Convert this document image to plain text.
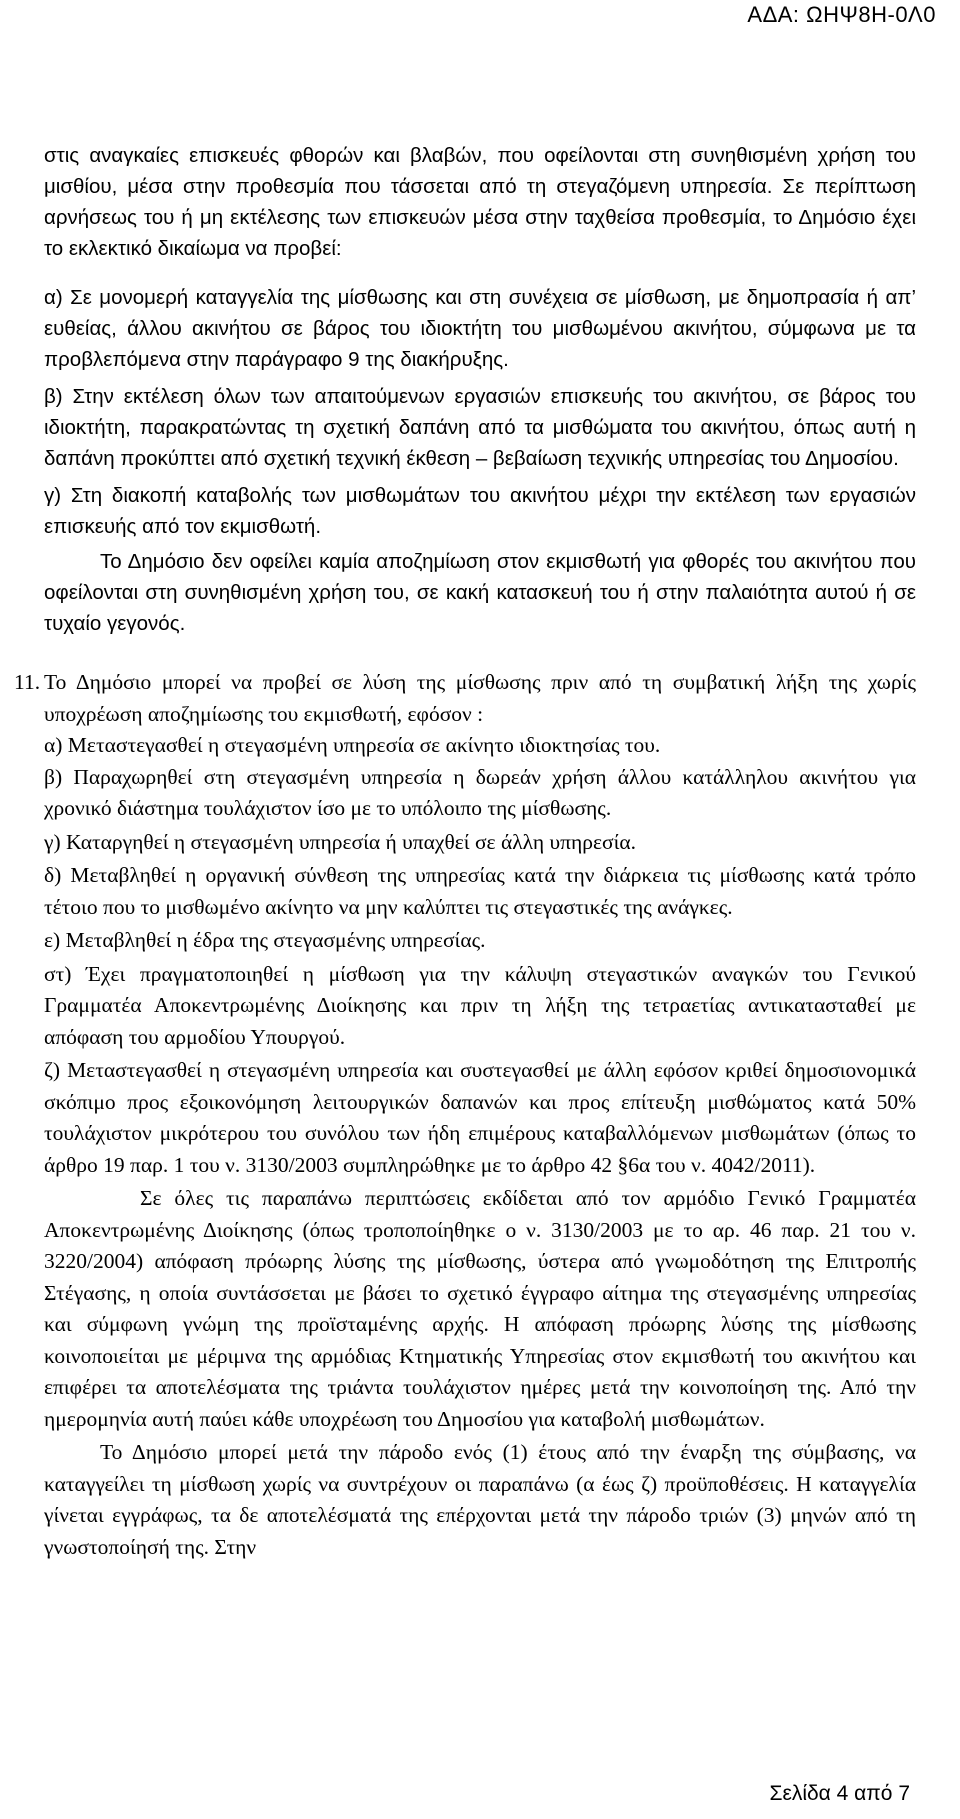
ΑΔΑ: ΩΗΨ8Η-0Λ0

στις αναγκαίες επισκευές φθορών και βλαβών, που οφείλονται στη συνηθισμένη χρήση του μισθίου, μέσα στην προθεσμία που τάσσεται από τη στεγαζόμενη υπηρεσία. Σε περίπτωση αρνήσεως του ή μη εκτέλεσης των επισκευών μέσα στην ταχθείσα προθεσμία, το Δημόσιο έχει το εκλεκτικό δικαίωμα να προβεί:

α) Σε μονομερή καταγγελία της μίσθωσης και στη συνέχεια σε μίσθωση, με δημοπρασία ή απ’ ευθείας, άλλου ακινήτου σε βάρος του ιδιοκτήτη του μισθωμένου ακινήτου, σύμφωνα με τα προβλεπόμενα στην παράγραφο 9 της διακήρυξης.

β) Στην εκτέλεση όλων των απαιτούμενων εργασιών επισκευής του ακινήτου, σε βάρος του ιδιοκτήτη, παρακρατώντας τη σχετική δαπάνη από τα μισθώματα του ακινήτου, όπως αυτή η δαπάνη προκύπτει από σχετική τεχνική έκθεση – βεβαίωση τεχνικής υπηρεσίας του Δημοσίου.

γ) Στη διακοπή καταβολής των μισθωμάτων του ακινήτου μέχρι την εκτέλεση των εργασιών επισκευής από τον εκμισθωτή.

Το Δημόσιο δεν οφείλει καμία αποζημίωση στον εκμισθωτή για φθορές του ακινήτου που οφείλονται στη συνηθισμένη χρήση του, σε κακή κατασκευή του ή στην παλαιότητα αυτού ή σε τυχαίο γεγονός.

11. Το Δημόσιο μπορεί να προβεί σε λύση της μίσθωσης πριν από τη συμβατική λήξη της χωρίς υποχρέωση αποζημίωσης του εκμισθωτή, εφόσον :

α) Μεταστεγασθεί η στεγασμένη υπηρεσία σε ακίνητο ιδιοκτησίας του.

β) Παραχωρηθεί στη στεγασμένη υπηρεσία η δωρεάν χρήση άλλου κατάλληλου ακινήτου για χρονικό διάστημα τουλάχιστον ίσο με το υπόλοιπο της μίσθωσης.

γ) Καταργηθεί η στεγασμένη υπηρεσία ή υπαχθεί σε άλλη υπηρεσία.

δ) Μεταβληθεί η οργανική σύνθεση της υπηρεσίας κατά την διάρκεια τις μίσθωσης κατά τρόπο τέτοιο που το μισθωμένο ακίνητο να μην καλύπτει τις στεγαστικές της ανάγκες.

ε) Μεταβληθεί η έδρα της στεγασμένης υπηρεσίας.

στ) Έχει πραγματοποιηθεί η μίσθωση για την κάλυψη στεγαστικών αναγκών του Γενικού Γραμματέα Αποκεντρωμένης Διοίκησης και πριν τη λήξη της τετραετίας αντικατασταθεί με απόφαση του αρμοδίου Υπουργού.

ζ) Μεταστεγασθεί η στεγασμένη υπηρεσία και συστεγασθεί με άλλη εφόσον κριθεί δημοσιονομικά σκόπιμο προς εξοικονόμηση λειτουργικών δαπανών και προς επίτευξη μισθώματος κατά 50% τουλάχιστον μικρότερου του συνόλου των ήδη επιμέρους καταβαλλόμενων μισθωμάτων (όπως το άρθρο 19 παρ. 1 του ν. 3130/2003 συμπληρώθηκε με το άρθρο 42 §6α του ν. 4042/2011).

Σε όλες τις παραπάνω περιπτώσεις εκδίδεται από τον αρμόδιο Γενικό Γραμματέα Αποκεντρωμένης Διοίκησης (όπως τροποποίηθηκε ο ν. 3130/2003 με το αρ. 46 παρ. 21 του ν. 3220/2004) απόφαση πρόωρης λύσης της μίσθωσης, ύστερα από γνωμοδότηση της Επιτροπής Στέγασης, η οποία συντάσσεται με βάσει το σχετικό έγγραφο αίτημα της στεγασμένης υπηρεσίας και σύμφωνη γνώμη της προϊσταμένης αρχής. Η απόφαση πρόωρης λύσης της μίσθωσης κοινοποιείται με μέριμνα της αρμόδιας Κτηματικής Υπηρεσίας στον εκμισθωτή του ακινήτου και επιφέρει τα αποτελέσματα της τριάντα τουλάχιστον ημέρες μετά την κοινοποίηση της. Από την ημερομηνία αυτή παύει κάθε υποχρέωση του Δημοσίου για καταβολή μισθωμάτων.

Το Δημόσιο μπορεί μετά την πάροδο ενός (1) έτους από την έναρξη της σύμβασης, να καταγγείλει τη μίσθωση χωρίς να συντρέχουν οι παραπάνω (α έως ζ) προϋποθέσεις. Η καταγγελία γίνεται εγγράφως, τα δε αποτελέσματά της επέρχονται μετά την πάροδο τριών (3) μηνών από τη γνωστοποίησή της. Στην

Σελίδα 4 από 7
